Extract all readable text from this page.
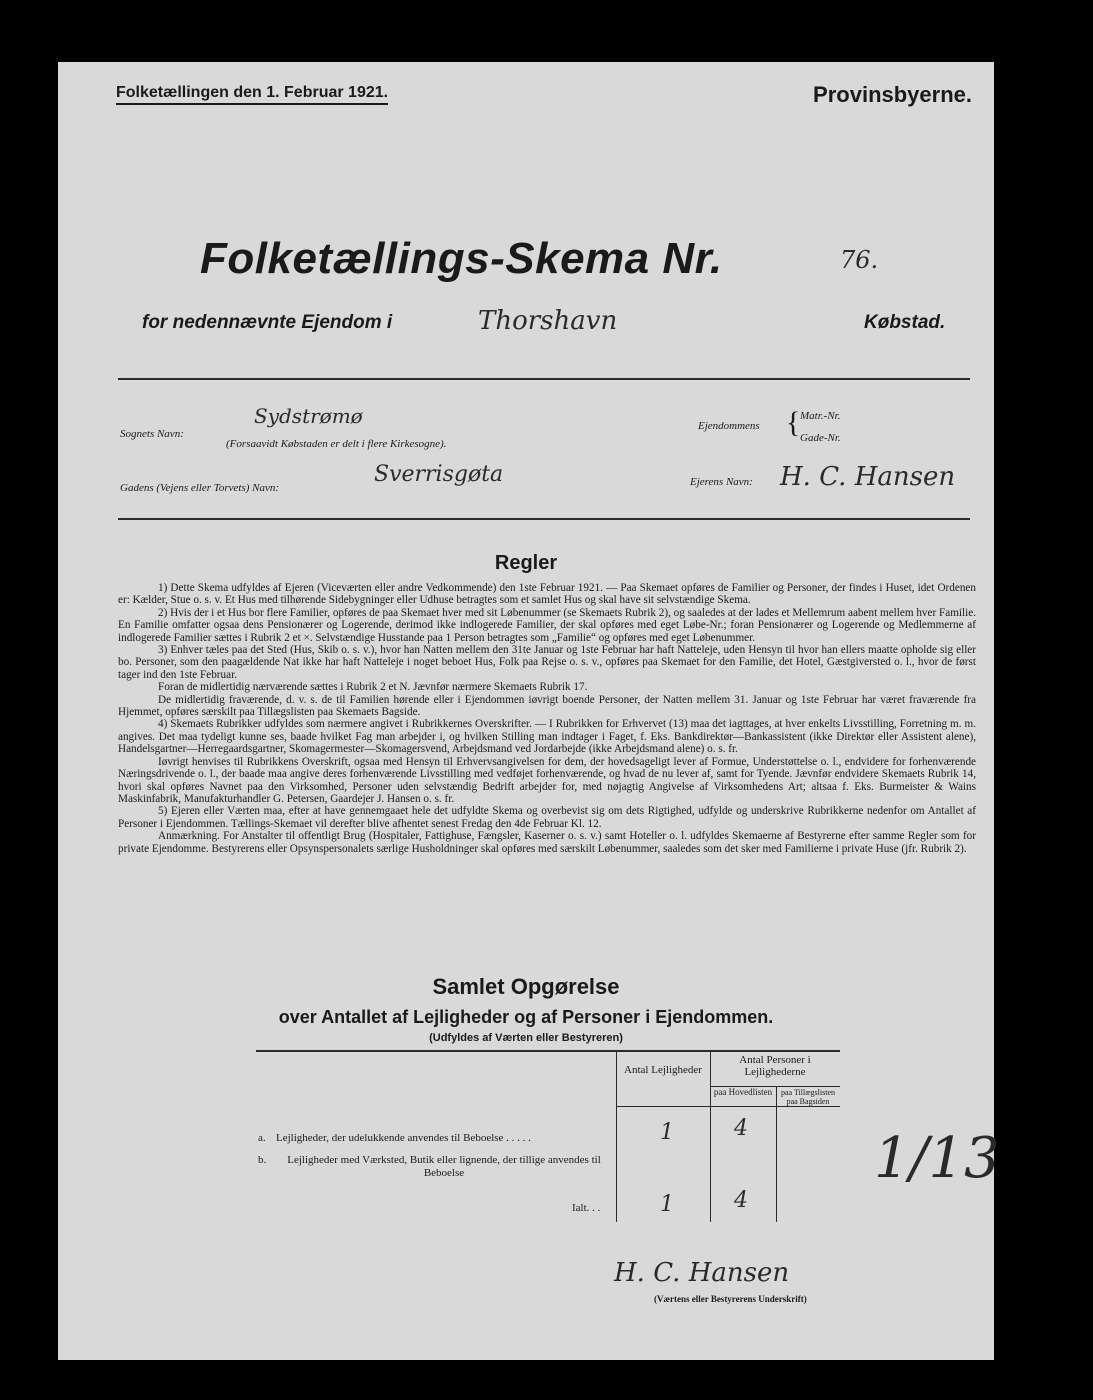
Folketællingen den 1. Februar 1921.	Provinsbyerne.
Folketællings-Skema Nr.	76.
for nedennævnte Ejendom i	Thorshavn	Købstad.
Sognets Navn:
Sydstrømø
(Forsaavidt Købstaden er delt i flere Kirkesogne).
Ejendommens { Matr.-Nr.
Gade-Nr.
Gadens (Vejens eller Torvets) Navn:
Sverrisgøta	Ejerens Navn: H. C. Hansen
Regler

1) Dette Skema udfyldes af Ejeren (Viceværten eller andre Vedkommende) den 1ste Februar 1921. — Paa Skemaet opføres de Familier og Personer, der findes i Huset, idet Ordenen er: Kælder, Stue o. s. v. Et Hus med tilhørende Sidebygninger eller Udhuse betragtes som et samlet Hus og skal have sit selvstændige Skema.

2) Hvis der i et Hus bor flere Familier, opføres de paa Skemaet hver med sit Løbenummer (se Skemaets Rubrik 2), og saaledes at der lades et Mellemrum aabent mellem hver Familie. En Familie omfatter ogsaa dens Pensionærer og Logerende, derimod ikke indlogerede Familier, der skal opføres med eget Løbe-Nr.; foran Pensionærer og Logerende og Medlemmerne af indlogerede Familier sættes i Rubrik 2 et ×. Selvstændige Husstande paa 1 Person betragtes som „Familie“ og opføres med eget Løbenummer.

3) Enhver tæles paa det Sted (Hus, Skib o. s. v.), hvor han Natten mellem den 31te Januar og 1ste Februar har haft Natteleje, uden Hensyn til hvor han ellers maatte opholde sig eller bo. Personer, som den paagældende Nat ikke har haft Natteleje i noget beboet Hus, Folk paa Rejse o. s. v., opføres paa Skemaet for den Familie, det Hotel, Gæstgiversted o. l., hvor de først tager ind den 1ste Februar.

Foran de midlertidig nærværende sættes i Rubrik 2 et N. Jævnfør nærmere Skemaets Rubrik 17.

De midlertidig fraværende, d. v. s. de til Familien hørende eller i Ejendommen iøvrigt boende Personer, der Natten mellem 31. Januar og 1ste Februar har været fraværende fra Hjemmet, opføres særskilt paa Tillægslisten paa Skemaets Bagside.

4) Skemaets Rubrikker udfyldes som nærmere angivet i Rubrikkernes Overskrifter. — I Rubrikken for Erhvervet (13) maa det iagttages, at hver enkelts Livsstilling, Forretning m. m. angives. Det maa tydeligt kunne ses, baade hvilket Fag man arbejder i, og hvilken Stilling man indtager i Faget, f. Eks. Bankdirektør—Bankassistent (ikke Direktør eller Assistent alene), Handelsgartner—Herregaardsgartner, Skomagermester—Skomagersvend, Arbejdsmand ved Jordarbejde (ikke Arbejdsmand alene) o. s. fr.

Iøvrigt henvises til Rubrikkens Overskrift, ogsaa med Hensyn til Erhvervsangivelsen for dem, der hovedsageligt lever af Formue, Understøttelse o. l., endvidere for forhenværende Næringsdrivende o. l., der baade maa angive deres forhenværende Livsstilling med vedføjet forhenværende, og hvad de nu lever af, samt for Tyende. Jævnfør endvidere Skemaets Rubrik 14, hvori skal opføres Navnet paa den Virksomhed, Personer uden selvstændig Bedrift arbejder for, med nøjagtig Angivelse af Virksomhedens Art; altsaa f. Eks. Burmeister & Wains Maskinfabrik, Manufakturhandler G. Petersen, Gaardejer J. Hansen o. s. fr.

5) Ejeren eller Værten maa, efter at have gennemgaaet hele det udfyldte Skema og overbevist sig om dets Rigtighed, udfylde og underskrive Rubrikkerne nedenfor om Antallet af Personer i Ejendommen. Tællings-Skemaet vil derefter blive afhentet senest Fredag den 4de Februar Kl. 12.

Anmærkning. For Anstalter til offentligt Brug (Hospitaler, Fattighuse, Fængsler, Kaserner o. s. v.) samt Hoteller o. l. udfyldes Skemaerne af Bestyrerne efter samme Regler som for private Ejendomme. Bestyrerens eller Opsynspersonalets særlige Husholdninger skal opføres med særskilt Løbenummer, saaledes som det sker med Familierne i private Huse (jfr. Rubrik 2).

Samlet Opgørelse
over Antallet af Lejligheder og af Personer i Ejendommen.
(Udfyldes af Værten eller Bestyreren)
Antal Lejligheder
Antal Personer i Lejlighederne
paa Hovedlisten	paa Tillægslisten paa Bagsiden
a. Lejligheder, der udelukkende anvendes til Beboelse . . . . .	1	4
b.	Lejligheder med Værksted, Butik eller lignende, der tillige anvendes til Beboelse
Ialt. . .	1	4
1/13
H. C. Hansen
(Værtens eller Bestyrerens Underskrift)
